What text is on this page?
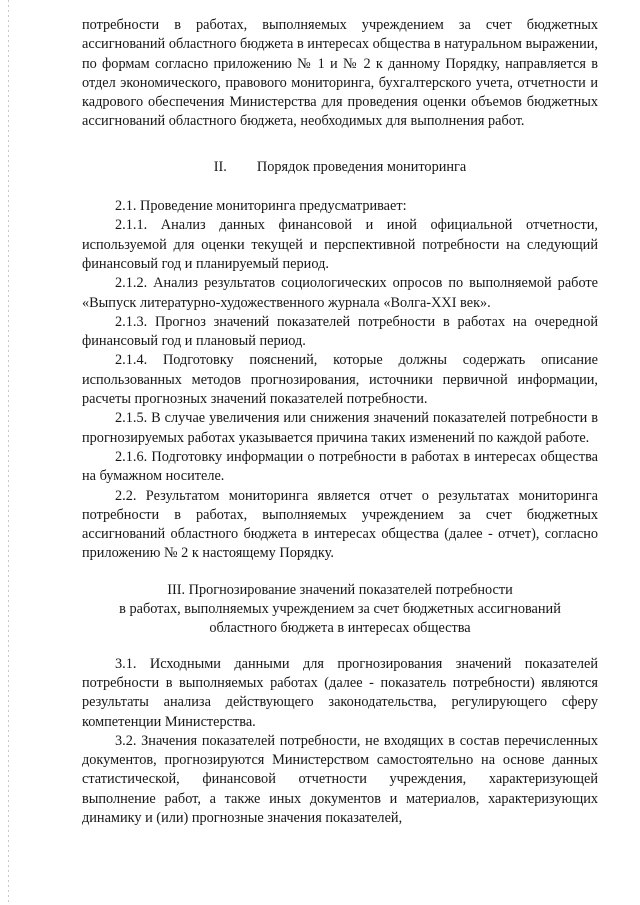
потребности в работах, выполняемых учреждением за счет бюджетных ассигнований областного бюджета в интересах общества в натуральном выражении, по формам согласно приложению № 1 и № 2 к данному Порядку, направляется в отдел экономического, правового мониторинга, бухгалтерского учета, отчетности и кадрового обеспечения Министерства для проведения оценки объемов бюджетных ассигнований областного бюджета, необходимых для выполнения работ.

II. Порядок проведения мониторинга

2.1. Проведение мониторинга предусматривает:

2.1.1. Анализ данных финансовой и иной официальной отчетности, используемой для оценки текущей и перспективной потребности на следующий финансовый год и планируемый период.

2.1.2. Анализ результатов социологических опросов по выполняемой работе «Выпуск литературно-художественного журнала «Волга-XXI век».

2.1.3. Прогноз значений показателей потребности в работах на очередной финансовый год и плановый период.

2.1.4. Подготовку пояснений, которые должны содержать описание использованных методов прогнозирования, источники первичной информации, расчеты прогнозных значений показателей потребности.

2.1.5. В случае увеличения или снижения значений показателей потребности в прогнозируемых работах указывается причина таких изменений по каждой работе.

2.1.6. Подготовку информации о потребности в работах в интересах общества на бумажном носителе.

2.2. Результатом мониторинга является отчет о результатах мониторинга потребности в работах, выполняемых учреждением за счет бюджетных ассигнований областного бюджета в интересах общества (далее - отчет), согласно приложению № 2 к настоящему Порядку.

III. Прогнозирование значений показателей потребности
в работах, выполняемых учреждением за счет бюджетных ассигнований
областного бюджета в интересах общества

3.1. Исходными данными для прогнозирования значений показателей потребности в выполняемых работах (далее - показатель потребности) являются результаты анализа действующего законодательства, регулирующего сферу компетенции Министерства.

3.2. Значения показателей потребности, не входящих в состав перечисленных документов, прогнозируются Министерством самостоятельно на основе данных статистической, финансовой отчетности учреждения, характеризующей выполнение работ, а также иных документов и материалов, характеризующих динамику и (или) прогнозные значения показателей,
